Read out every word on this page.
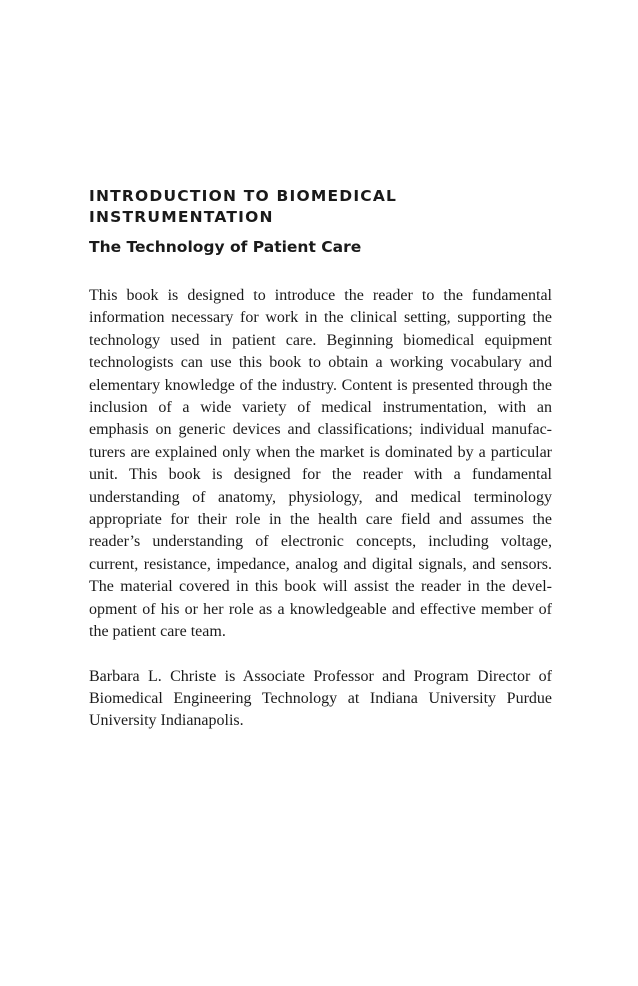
INTRODUCTION TO BIOMEDICAL INSTRUMENTATION
The Technology of Patient Care

This book is designed to introduce the reader to the fundamental information necessary for work in the clinical setting, supporting the technology used in patient care. Beginning biomedical equipment technologists can use this book to obtain a working vocabulary and elementary knowledge of the industry. Content is presented through the inclusion of a wide variety of medical instrumentation, with an emphasis on generic devices and classifications; individual manufacturers are explained only when the market is dominated by a particular unit. This book is designed for the reader with a fundamental understanding of anatomy, physiology, and medical terminology appropriate for their role in the health care field and assumes the reader’s understanding of electronic concepts, including voltage, current, resistance, impedance, analog and digital signals, and sensors. The material covered in this book will assist the reader in the development of his or her role as a knowledgeable and effective member of the patient care team.

Barbara L. Christe is Associate Professor and Program Director of Biomedical Engineering Technology at Indiana University Purdue University Indianapolis.
